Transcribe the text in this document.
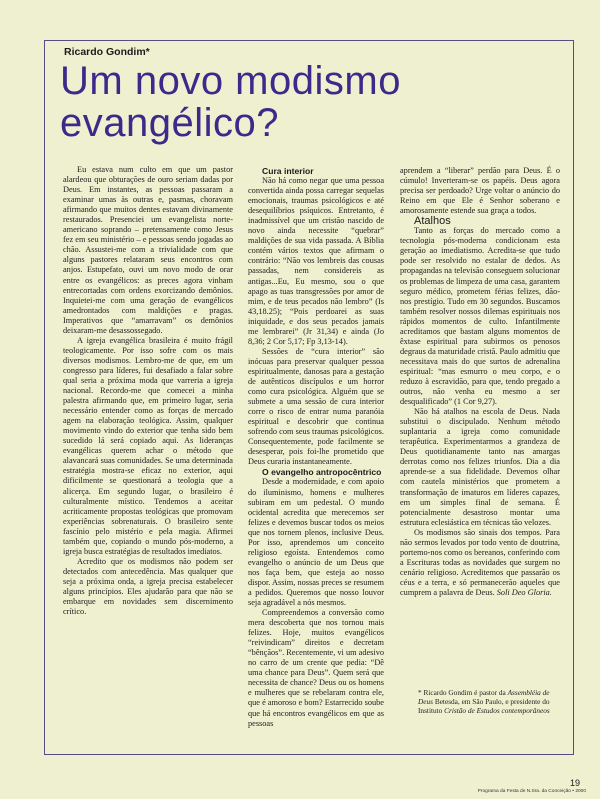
Ricardo Gondim*
Um novo modismo
evangélico?

Eu estava num culto em que um pastor alardeou que obturações de ouro seriam dadas por Deus. Em instantes, as pessoas passaram a examinar umas às outras e, pasmas, choravam afirmando que muitos dentes estavam divinamente restaurados. Presenciei um evangelista norte-americano soprando – pretensamente como Jesus fez em seu ministério – e pessoas sendo jogadas ao chão. Assustei-me com a trivialidade com que alguns pastores relataram seus encontros com anjos. Estupefato, ouvi um novo modo de orar entre os evangélicos: as preces agora vinham entrecortadas com ordens exorcizando demônios. Inquietei-me com uma geração de evangélicos amedrontados com maldições e pragas. Imperativos que “amarravam” os demônios deixaram-me desassossegado.

A igreja evangélica brasileira é muito frágil teologicamente. Por isso sofre com os mais diversos modismos. Lembro-me de que, em um congresso para líderes, fui desafiado a falar sobre qual seria a próxima moda que varreria a igreja nacional. Recordo-me que comecei a minha palestra afirmando que, em primeiro lugar, seria necessário entender como as forças de mercado agem na elaboração teológica. Assim, qualquer movimento vindo do exterior que tenha sido bem sucedido lá será copiado aqui. As lideranças evangélicas querem achar o método que alavancará suas comunidades. Se uma determinada estratégia mostra-se eficaz no exterior, aqui dificilmente se questionará a teologia que a alicerça. Em segundo lugar, o brasileiro é culturalmente místico. Tendemos a aceitar acriticamente propostas teológicas que promovam experiências sobrenaturais. O brasileiro sente fascínio pelo mistério e pela magia. Afirmei também que, copiando o mundo pós-moderno, a igreja busca estratégias de resultados imediatos.

Acredito que os modismos não podem ser detectados com antecedência. Mas qualquer que seja a próxima onda, a igreja precisa estabelecer alguns princípios. Eles ajudarão para que não se embarque em novidades sem discernimento crítico.

Cura interior

Não há como negar que uma pessoa convertida ainda possa carregar sequelas emocionais, traumas psicológicos e até desequilíbrios psíquicos. Entretanto, é inadmissível que um cristão nascido de novo ainda necessite “quebrar” maldições de sua vida passada. A Bíblia contém vários textos que afirmam o contrário: “Não vos lembreis das cousas passadas, nem considereis as antigas...Eu, Eu mesmo, sou o que apago as tuas transgressões por amor de mim, e de teus pecados não lembro” (Is 43,18.25); “Pois perdoarei as suas iniquidade, e dos seus pecados jamais me lembrarei” (Jr 31,34) e ainda (Jo 8,36; 2 Cor 5,17; Fp 3,13-14).

Sessões de “cura interior” são inócuas para preservar qualquer pessoa espiritualmente, danosas para a gestação de autênticos discípulos e um horror como cura psicológica. Alguém que se submete a uma sessão de cura interior corre o risco de entrar numa paranóia espiritual e descobrir que continua sofrendo com seus traumas psicológicos. Consequentemente, pode facilmente se desesperar, pois foi-lhe prometido que Deus curaria instantaneamente.

O evangelho antropocêntrico

Desde a modernidade, e com apoio do iluminismo, homens e mulheres subiram em um pedestal. O mundo ocidental acredita que merecemos ser felizes e devemos buscar todos os meios que nos tornem plenos, inclusive Deus. Por isso, aprendemos um conceito religioso egoísta. Entendemos como evangelho o anúncio de um Deus que nos faça bem, que esteja ao nosso dispor. Assim, nossas preces se resumem a pedidos. Queremos que nosso louvor seja agradável a nós mesmos.

Compreendemos a conversão como mera descoberta que nos tornou mais felizes. Hoje, muitos evangélicos “reivindicam” direitos e decretam “bênçãos”. Recentemente, vi um adesivo no carro de um crente que pedia: “Dê uma chance para Deus”. Quem será que necessita de chance? Deus ou os homens e mulheres que se rebelaram contra ele, que é amoroso e bom? Estarrecido soube que há encontros evangélicos em que as pessoas

aprendem a “liberar” perdão para Deus. É o cúmulo! Inverteram-se os papéis. Deus agora precisa ser perdoado? Urge voltar o anúncio do Reino em que Ele é Senhor soberano e amorosamente estende sua graça a todos.

Atalhos

Tanto as forças do mercado como a tecnologia pós-moderna condicionam esta geração ao imediatismo. Acredita-se que tudo pode ser resolvido no estalar de dedos. As propagandas na televisão conseguem solucionar os problemas de limpeza de uma casa, garantem seguro médico, prometem férias felizes, dão-nos prestígio. Tudo em 30 segundos. Buscamos também resolver nossos dilemas espirituais nos rápidos momentos de culto. Infantilmente acreditamos que bastam alguns momentos de êxtase espiritual para subirmos os penosos degraus da maturidade cristã. Paulo admitiu que necessitava mais do que surtos de adrenalina espiritual: “mas esmurro o meu corpo, e o reduzo à escravidão, para que, tendo pregado a outros, não venha eu mesmo a ser desqualificado” (1 Cor 9,27).

Não há atalhos na escola de Deus. Nada substitui o discipulado. Nenhum método suplantaria a igreja como comunidade terapêutica. Experimentarmos a grandeza de Deus quotidianamente tanto nas amargas derrotas como nos felizes triunfos. Dia a dia aprende-se a sua fidelidade. Devemos olhar com cautela ministérios que prometem a transformação de imaturos em líderes capazes, em um simples final de semana. É potencialmente desastroso montar uma estrutura eclesiástica em técnicas tão velozes.

Os modismos são sinais dos tempos. Para não sermos levados por todo vento de doutrina, portemo-nos como os bereanos, conferindo com a Escrituras todas as novidades que surgem no cenário religioso. Acreditemos que passarão os céus e a terra, e só permanecerão aqueles que cumprem a palavra de Deus. Soli Deo Gloria.

* Ricardo Gondim é pastor da Assembléia de Deus Betesda, em São Paulo, e presidente do Instituto Cristão de Estudos contemporâneos
19
Programa da Festa de N.Sra. da Conceição • 2000
